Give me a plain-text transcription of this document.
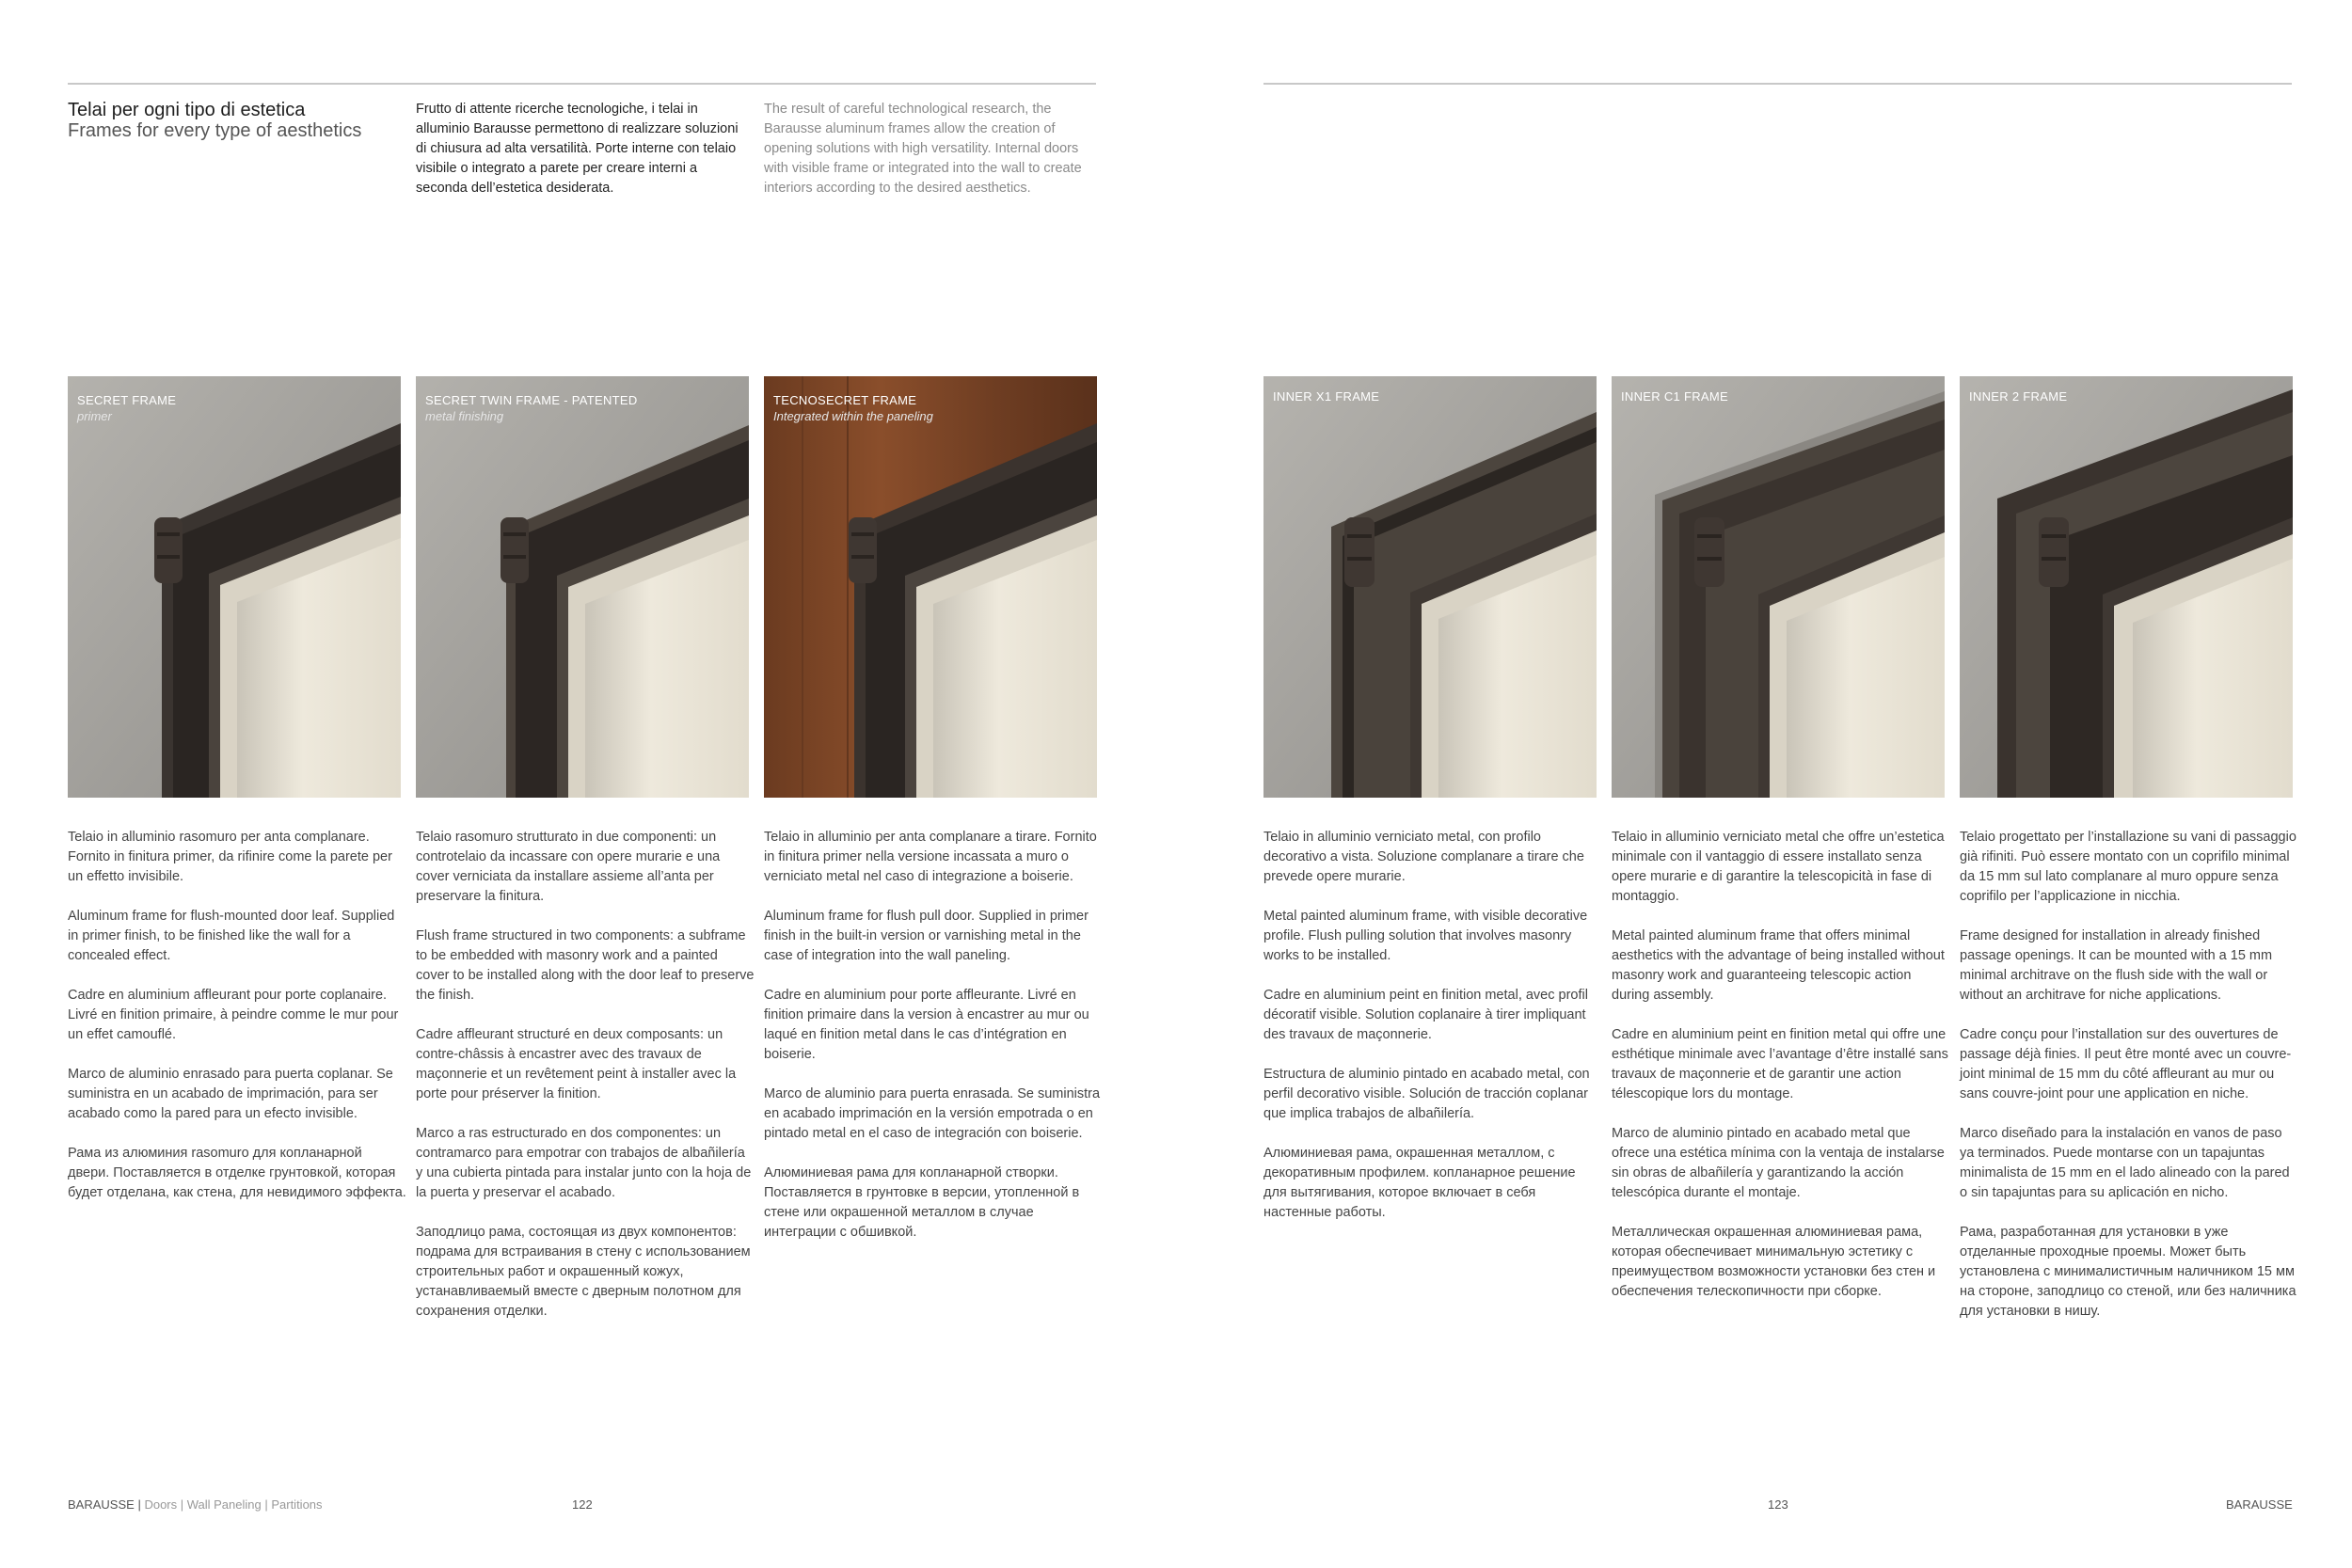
Telai per ogni tipo di estetica
Frames for every type of aesthetics
Frutto di attente ricerche tecnologiche, i telai in alluminio Barausse permettono di realizzare soluzioni di chiusura ad alta versatilità. Porte interne con telaio visibile o integrato a parete per creare interni a seconda dell’estetica desiderata.
The result of careful technological research, the Barausse aluminum frames allow the creation of opening solutions with high versatility. Internal doors with visible frame or integrated into the wall to create interiors according to the desired aesthetics.
SECRET FRAME
primer
SECRET TWIN FRAME - PATENTED
metal finishing
TECNOSECRET FRAME
Integrated within the paneling
INNER X1 FRAME	INNER C1 FRAME	INNER 2 FRAME

Telaio in alluminio rasomuro per anta complanare. Fornito in finitura primer, da rifinire come la parete per un effetto invisibile.

Aluminum frame for flush-mounted door leaf. Supplied in primer finish, to be finished like the wall for a concealed effect.

Cadre en aluminium affleurant pour porte coplanaire. Livré en finition primaire, à peindre comme le mur pour un effet camouflé.

Marco de aluminio enrasado para puerta coplanar. Se suministra en un acabado de imprimación, para ser acabado como la pared para un efecto invisible.

Рама из алюминия rasomuro для копланарной двери. Поставляется в отделке грунтовкой, которая будет отделана, как стена, для невидимого эффекта.

Telaio rasomuro strutturato in due componenti: un controtelaio da incassare con opere murarie e una cover verniciata da installare assieme all’anta per preservare la finitura.

Flush frame structured in two components: a subframe to be embedded with masonry work and a painted cover to be installed along with the door leaf to preserve the finish.

Cadre affleurant structuré en deux composants: un contre-châssis à encastrer avec des travaux de maçonnerie et un revêtement peint à installer avec la porte pour préserver la finition.

Marco a ras estructurado en dos componentes: un contramarco para empotrar con trabajos de albañilería y una cubierta pintada para instalar junto con la hoja de la puerta y preservar el acabado.

Заподлицо рама, состоящая из двух компонентов: подрама для встраивания в стену с использованием строительных работ и окрашенный кожух, устанавливаемый вместе с дверным полотном для сохранения отделки.

Telaio in alluminio per anta complanare a tirare. Fornito in finitura primer nella versione incassata a muro o verniciato metal nel caso di integrazione a boiserie.

Aluminum frame for flush pull door. Supplied in primer finish in the built-in version or varnishing metal in the case of integration into the wall paneling.

Cadre en aluminium pour porte affleurante. Livré en finition primaire dans la version à encastrer au mur ou laqué en finition metal dans le cas d’intégration en boiserie.

Marco de aluminio para puerta enrasada. Se suministra en acabado imprimación en la versión empotrada o en pintado metal en el caso de integración con boiserie.

Алюминиевая рама для копланарной створки. Поставляется в грунтовке в версии, утопленной в стене или окрашенной металлом в случае интеграции с обшивкой.

Telaio in alluminio verniciato metal, con profilo decorativo a vista. Soluzione complanare a tirare che prevede opere murarie.

Metal painted aluminum frame, with visible decorative profile. Flush pulling solution that involves masonry works to be installed.

Cadre en aluminium peint en finition metal, avec profil décoratif visible. Solution coplanaire à tirer impliquant des travaux de maçonnerie.

Estructura de aluminio pintado en acabado metal, con perfil decorativo visible. Solución de tracción coplanar que implica trabajos de albañilería.

Алюминиевая рама, окрашенная металлом, с декоративным профилем. копланарное решение для вытягивания, которое включает в себя настенные работы.

Telaio in alluminio verniciato metal che offre un’estetica minimale con il vantaggio di essere installato senza opere murarie e di garantire la telescopicità in fase di montaggio.

Metal painted aluminum frame that offers minimal aesthetics with the advantage of being installed without masonry work and guaranteeing telescopic action during assembly.

Cadre en aluminium peint en finition metal qui offre une esthétique minimale avec l’avantage d’être installé sans travaux de maçonnerie et de garantir une action télescopique lors du montage.

Marco de aluminio pintado en acabado metal que ofrece una estética mínima con la ventaja de instalarse sin obras de albañilería y garantizando la acción telescópica durante el montaje.

Металлическая окрашенная алюминиевая рама, которая обеспечивает минимальную эстетику с преимуществом возможности установки без стен и обеспечения телескопичности при сборке.

Telaio progettato per l’installazione su vani di passaggio già rifiniti. Può essere montato con un coprifilo minimal da 15 mm sul lato complanare al muro oppure senza coprifilo per l’applicazione in nicchia.

Frame designed for installation in already finished passage openings. It can be mounted with a 15 mm minimal architrave on the flush side with the wall or without an architrave for niche applications.

Cadre conçu pour l’installation sur des ouvertures de passage déjà finies. Il peut être monté avec un couvre-joint minimal de 15 mm du côté affleurant au mur ou sans couvre-joint pour une application en niche.

Marco diseñado para la instalación en vanos de paso ya terminados. Puede montarse con un tapajuntas minimalista de 15 mm en el lado alineado con la pared o sin tapajuntas para su aplicación en nicho.

Рама, разработанная для установки в уже отделанные проходные проемы. Может быть установлена с минималистичным наличником 15 мм на стороне, заподлицо со стеной, или без наличника для установки в нишу.

BARAUSSE | Doors | Wall Paneling | Partitions	122	123	BARAUSSE
